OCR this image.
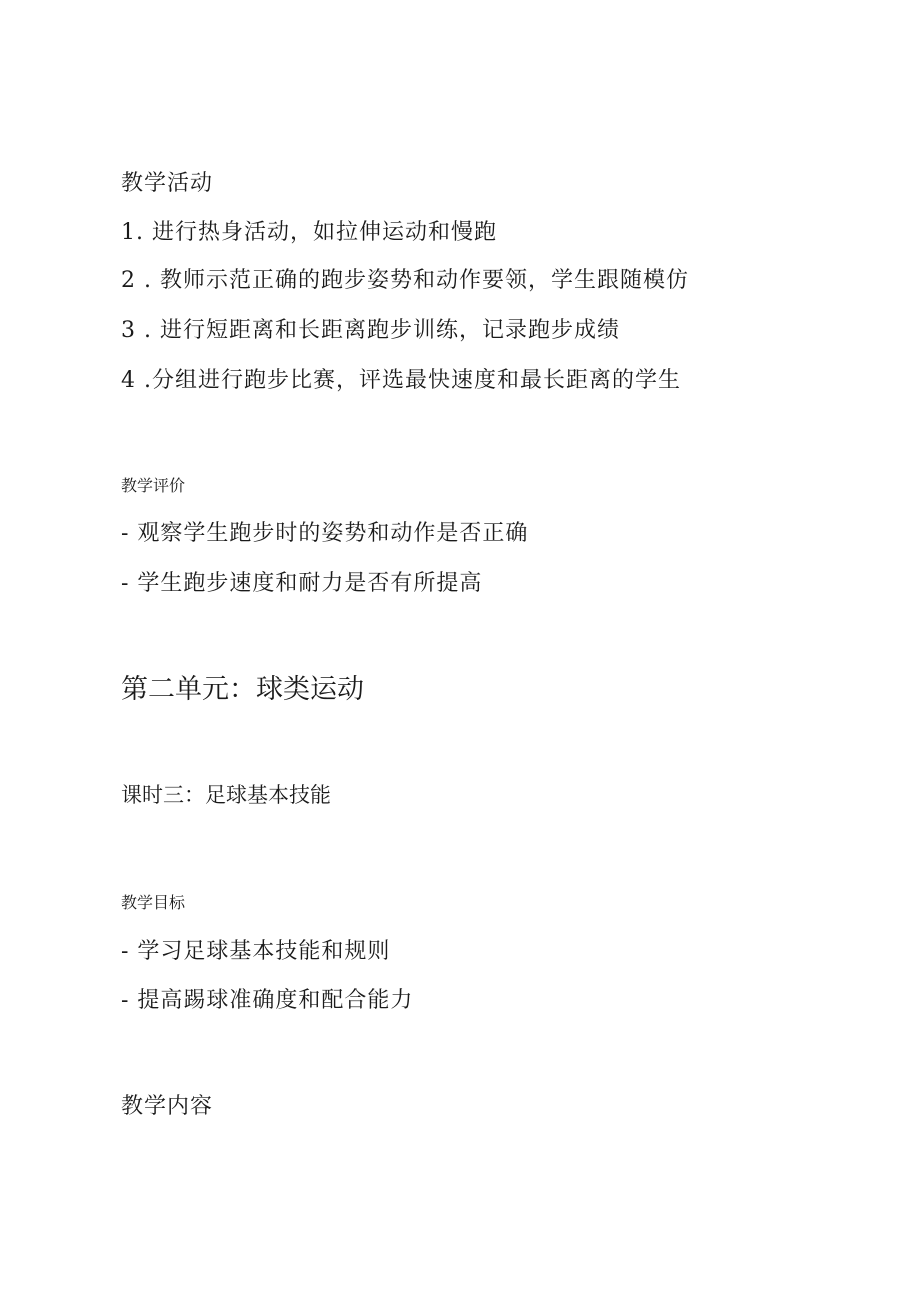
教学活动
1. 进行热身活动，如拉伸运动和慢跑
2 . 教师示范正确的跑步姿势和动作要领，学生跟随模仿
3 . 进行短距离和长距离跑步训练，记录跑步成绩
4 .分组进行跑步比赛，评选最快速度和最长距离的学生
教学评价
- 观察学生跑步时的姿势和动作是否正确
- 学生跑步速度和耐力是否有所提高
第二单元：球类运动
课时三：足球基本技能
教学目标
- 学习足球基本技能和规则
- 提高踢球准确度和配合能力
教学内容
